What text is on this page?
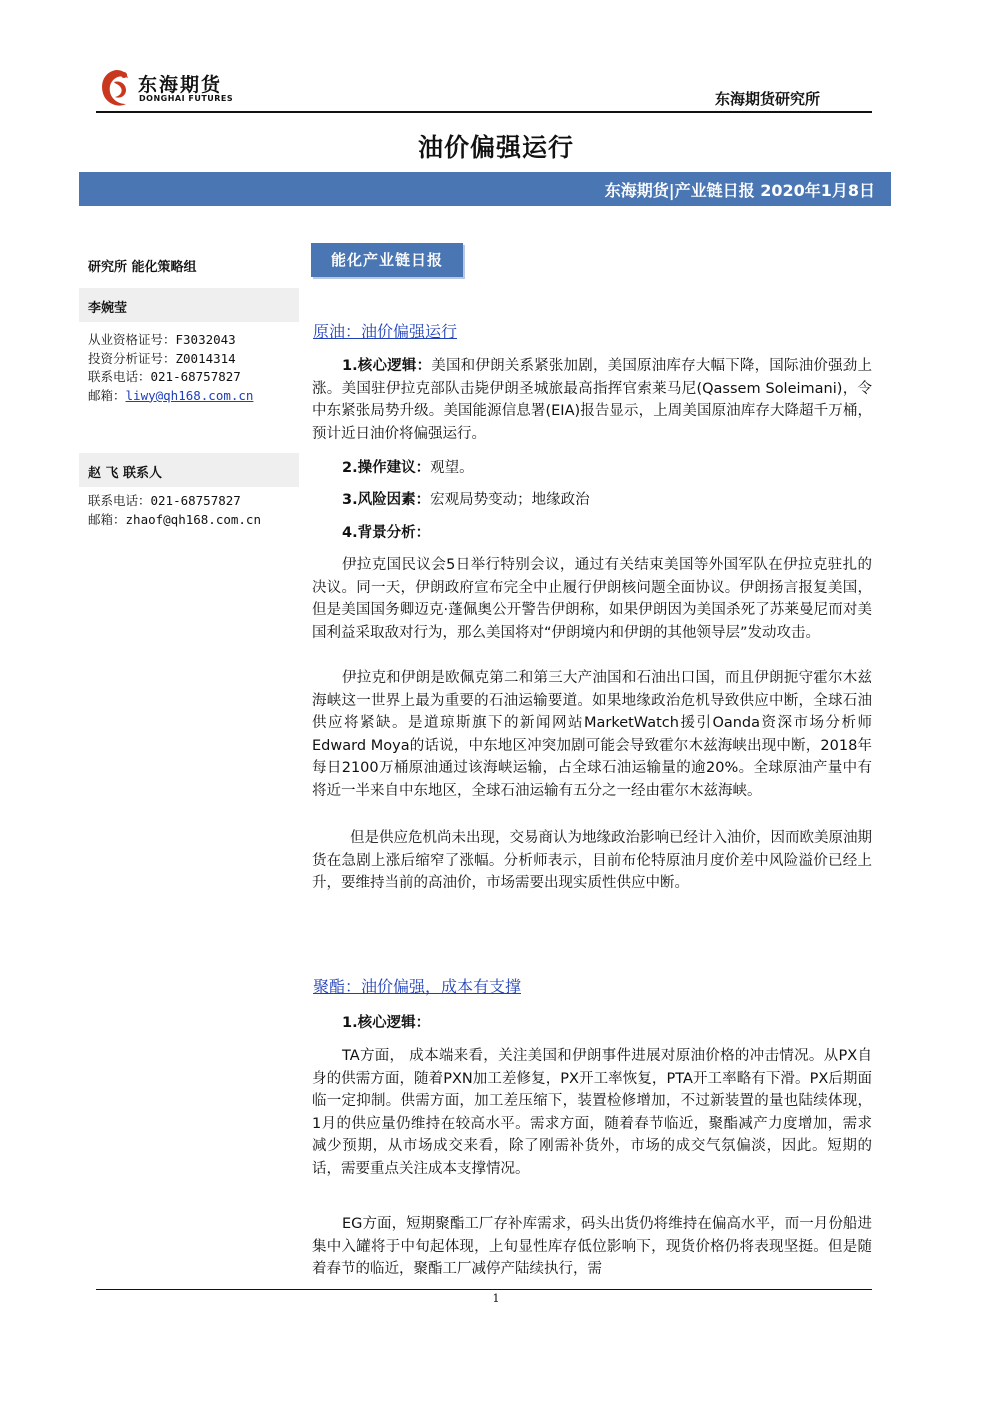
东海期货
DONGHAI FUTURES	东海期货研究所
油价偏强运行
东海期货|产业链日报 2020年1月8日
研究所 能化策略组
李婉莹
从业资格证号：F3032043
投资分析证号：Z0014314
联系电话：021-68757827
邮箱：liwy@qh168.com.cn
赵 飞 联系人
联系电话：021-68757827
邮箱：zhaof@qh168.com.cn
能化产业链日报
原油：油价偏强运行

1.核心逻辑：美国和伊朗关系紧张加剧，美国原油库存大幅下降，国际油价强劲上涨。美国驻伊拉克部队击毙伊朗圣城旅最高指挥官索莱马尼(Qassem Soleimani)，令中东紧张局势升级。美国能源信息署(EIA)报告显示，上周美国原油库存大降超千万桶，预计近日油价将偏强运行。

2.操作建议：观望。

3.风险因素：宏观局势变动；地缘政治

4.背景分析：

伊拉克国民议会5日举行特别会议，通过有关结束美国等外国军队在伊拉克驻扎的决议。同一天，伊朗政府宣布完全中止履行伊朗核问题全面协议。伊朗扬言报复美国，但是美国国务卿迈克·蓬佩奥公开警告伊朗称，如果伊朗因为美国杀死了苏莱曼尼而对美国利益采取敌对行为，那么美国将对“伊朗境内和伊朗的其他领导层”发动攻击。

伊拉克和伊朗是欧佩克第二和第三大产油国和石油出口国，而且伊朗扼守霍尔木兹海峡这一世界上最为重要的石油运输要道。如果地缘政治危机导致供应中断，全球石油供应将紧缺。是道琼斯旗下的新闻网站MarketWatch援引Oanda资深市场分析师Edward Moya的话说，中东地区冲突加剧可能会导致霍尔木兹海峡出现中断，2018年每日2100万桶原油通过该海峡运输，占全球石油运输量的逾20%。全球原油产量中有将近一半来自中东地区，全球石油运输有五分之一经由霍尔木兹海峡。

但是供应危机尚未出现，交易商认为地缘政治影响已经计入油价，因而欧美原油期货在急剧上涨后缩窄了涨幅。分析师表示，目前布伦特原油月度价差中风险溢价已经上升，要维持当前的高油价，市场需要出现实质性供应中断。

聚酯：油价偏强，成本有支撑

1.核心逻辑：

TA方面， 成本端来看，关注美国和伊朗事件进展对原油价格的冲击情况。从PX自身的供需方面，随着PXN加工差修复，PX开工率恢复，PTA开工率略有下滑。PX后期面临一定抑制。供需方面，加工差压缩下，装置检修增加，不过新装置的量也陆续体现，1月的供应量仍维持在较高水平。需求方面，随着春节临近，聚酯减产力度增加，需求减少预期，从市场成交来看，除了刚需补货外，市场的成交气氛偏淡，因此。短期的话，需要重点关注成本支撑情况。

EG方面，短期聚酯工厂存补库需求，码头出货仍将维持在偏高水平，而一月份船进集中入罐将于中旬起体现，上旬显性库存低位影响下，现货价格仍将表现坚挺。但是随着春节的临近，聚酯工厂减停产陆续执行，需

1
